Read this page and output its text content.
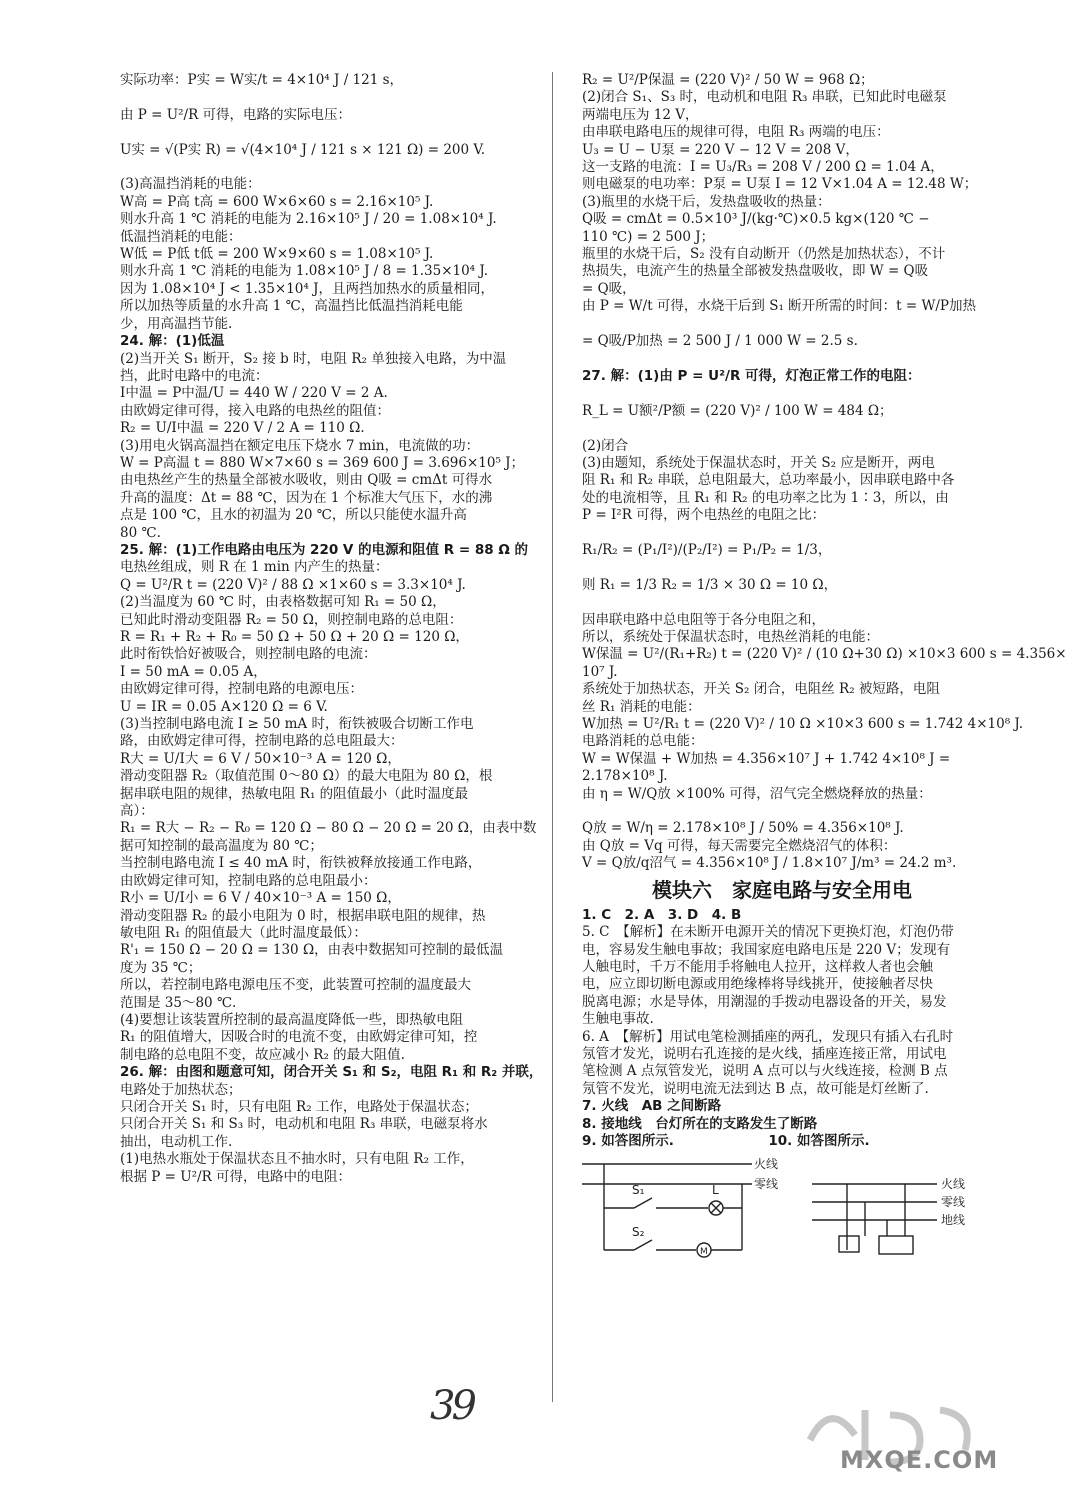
实际功率：P实 = W实/t = 4×10⁴ J / 121 s，

由 P = U²/R 可得，电路的实际电压：

U实 = √(P实 R) = √(4×10⁴ J / 121 s × 121 Ω) = 200 V.

(3)高温挡消耗的电能：
W高 = P高 t高 = 600 W×6×60 s = 2.16×10⁵ J.
则水升高 1 ℃ 消耗的电能为 2.16×10⁵ J / 20 = 1.08×10⁴ J.
低温挡消耗的电能：
W低 = P低 t低 = 200 W×9×60 s = 1.08×10⁵ J.
则水升高 1 ℃ 消耗的电能为 1.08×10⁵ J / 8 = 1.35×10⁴ J.
因为 1.08×10⁴ J < 1.35×10⁴ J，且两挡加热水的质量相同，
所以加热等质量的水升高 1 ℃，高温挡比低温挡消耗电能
少，用高温挡节能.
24. 解：(1)低温
(2)当开关 S₁ 断开，S₂ 接 b 时，电阻 R₂ 单独接入电路，为中温
挡，此时电路中的电流：
I中温 = P中温/U = 440 W / 220 V = 2 A.
由欧姆定律可得，接入电路的电热丝的阻值：
R₂ = U/I中温 = 220 V / 2 A = 110 Ω.
(3)用电火锅高温挡在额定电压下烧水 7 min，电流做的功：
W = P高温 t = 880 W×7×60 s = 369 600 J = 3.696×10⁵ J；
由电热丝产生的热量全部被水吸收，则由 Q吸 = cmΔt 可得水
升高的温度：Δt = 88 ℃，因为在 1 个标准大气压下，水的沸
点是 100 ℃，且水的初温为 20 ℃，所以只能使水温升高
80 ℃.
25. 解：(1)工作电路由电压为 220 V 的电源和阻值 R = 88 Ω 的
电热丝组成，则 R 在 1 min 内产生的热量：
Q = U²/R t = (220 V)² / 88 Ω ×1×60 s = 3.3×10⁴ J.
(2)当温度为 60 ℃ 时，由表格数据可知 R₁ = 50 Ω，
已知此时滑动变阻器 R₂ = 50 Ω，则控制电路的总电阻：
R = R₁ + R₂ + R₀ = 50 Ω + 50 Ω + 20 Ω = 120 Ω，
此时衔铁恰好被吸合，则控制电路的电流：
I = 50 mA = 0.05 A，
由欧姆定律可得，控制电路的电源电压：
U = IR = 0.05 A×120 Ω = 6 V.
(3)当控制电路电流 I ≥ 50 mA 时，衔铁被吸合切断工作电
路，由欧姆定律可得，控制电路的总电阻最大：
R大 = U/I大 = 6 V / 50×10⁻³ A = 120 Ω，
滑动变阻器 R₂（取值范围 0～80 Ω）的最大电阻为 80 Ω，根
据串联电阻的规律，热敏电阻 R₁ 的阻值最小（此时温度最
高）：
R₁ = R大 − R₂ − R₀ = 120 Ω − 80 Ω − 20 Ω = 20 Ω，由表中数
据可知控制的最高温度为 80 ℃；
当控制电路电流 I ≤ 40 mA 时，衔铁被释放接通工作电路，
由欧姆定律可知，控制电路的总电阻最小：
R小 = U/I小 = 6 V / 40×10⁻³ A = 150 Ω，
滑动变阻器 R₂ 的最小电阻为 0 时，根据串联电阻的规律，热
敏电阻 R₁ 的阻值最大（此时温度最低）：
R'₁ = 150 Ω − 20 Ω = 130 Ω，由表中数据知可控制的最低温
度为 35 ℃；
所以，若控制电路电源电压不变，此装置可控制的温度最大
范围是 35～80 ℃.
(4)要想让该装置所控制的最高温度降低一些，即热敏电阻
R₁ 的阻值增大，因吸合时的电流不变，由欧姆定律可知，控
制电路的总电阻不变，故应减小 R₂ 的最大阻值.
26. 解：由图和题意可知，闭合开关 S₁ 和 S₂，电阻 R₁ 和 R₂ 并联，
电路处于加热状态；
只闭合开关 S₁ 时，只有电阻 R₂ 工作，电路处于保温状态；
只闭合开关 S₁ 和 S₃ 时，电动机和电阻 R₃ 串联，电磁泵将水
抽出，电动机工作.
(1)电热水瓶处于保温状态且不抽水时，只有电阻 R₂ 工作，
根据 P = U²/R 可得，电路中的电阻：
R₂ = U²/P保温 = (220 V)² / 50 W = 968 Ω；
(2)闭合 S₁、S₃ 时，电动机和电阻 R₃ 串联，已知此时电磁泵
两端电压为 12 V，
由串联电路电压的规律可得，电阻 R₃ 两端的电压：
U₃ = U − U泵 = 220 V − 12 V = 208 V，
这一支路的电流：I = U₃/R₃ = 208 V / 200 Ω = 1.04 A，
则电磁泵的电功率：P泵 = U泵 I = 12 V×1.04 A = 12.48 W；
(3)瓶里的水烧干后，发热盘吸收的热量：
Q吸 = cmΔt = 0.5×10³ J/(kg·℃)×0.5 kg×(120 ℃ −
110 ℃) = 2 500 J；
瓶里的水烧干后，S₂ 没有自动断开（仍然是加热状态），不计
热损失，电流产生的热量全部被发热盘吸收，即 W = Q吸
= Q吸，
由 P = W/t 可得，水烧干后到 S₁ 断开所需的时间：t = W/P加热

= Q吸/P加热 = 2 500 J / 1 000 W = 2.5 s.

27. 解：(1)由 P = U²/R 可得，灯泡正常工作的电阻：

R_L = U额²/P额 = (220 V)² / 100 W = 484 Ω；

(2)闭合
(3)由题知，系统处于保温状态时，开关 S₂ 应是断开，两电
阻 R₁ 和 R₂ 串联，总电阻最大，总功率最小，因串联电路中各
处的电流相等，且 R₁ 和 R₂ 的电功率之比为 1∶3，所以，由
P = I²R 可得，两个电热丝的电阻之比：

R₁/R₂ = (P₁/I²)/(P₂/I²) = P₁/P₂ = 1/3，

则 R₁ = 1/3 R₂ = 1/3 × 30 Ω = 10 Ω，

因串联电路中总电阻等于各分电阻之和，
所以，系统处于保温状态时，电热丝消耗的电能：
W保温 = U²/(R₁+R₂) t = (220 V)² / (10 Ω+30 Ω) ×10×3 600 s = 4.356×
10⁷ J.
系统处于加热状态，开关 S₂ 闭合，电阻丝 R₂ 被短路，电阻
丝 R₁ 消耗的电能：
W加热 = U²/R₁ t = (220 V)² / 10 Ω ×10×3 600 s = 1.742 4×10⁸ J.
电路消耗的总电能：
W = W保温 + W加热 = 4.356×10⁷ J + 1.742 4×10⁸ J =
2.178×10⁸ J.
由 η = W/Q放 ×100% 可得，沼气完全燃烧释放的热量：

Q放 = W/η = 2.178×10⁸ J / 50% = 4.356×10⁸ J.
由 Q放 = Vq 可得，每天需要完全燃烧沼气的体积：
V = Q放/q沼气 = 4.356×10⁸ J / 1.8×10⁷ J/m³ = 24.2 m³.
模块六　家庭电路与安全用电
1. C　2. A　3. D　4. B
5. C　【解析】在未断开电源开关的情况下更换灯泡，灯泡仍带
电，容易发生触电事故；我国家庭电路电压是 220 V；发现有
人触电时，千万不能用手将触电人拉开，这样救人者也会触
电，应立即切断电源或用绝缘棒将导线挑开，使接触者尽快
脱离电源；水是导体，用潮湿的手拨动电器设备的开关，易发
生触电事故.
6. A　【解析】用试电笔检测插座的两孔，发现只有插入右孔时
氖管才发光，说明右孔连接的是火线，插座连接正常，用试电
笔检测 A 点氖管发光，说明 A 点可以与火线连接，检测 B 点
氖管不发光，说明电流无法到达 B 点，故可能是灯丝断了.
7. 火线　AB 之间断路
8. 接地线　台灯所在的支路发生了断路
9. 如答图所示.　　　　　　　10. 如答图所示.
火线
零线
S₁	L
S₂
M
火线
零线
地线
39
MXQE.COM
